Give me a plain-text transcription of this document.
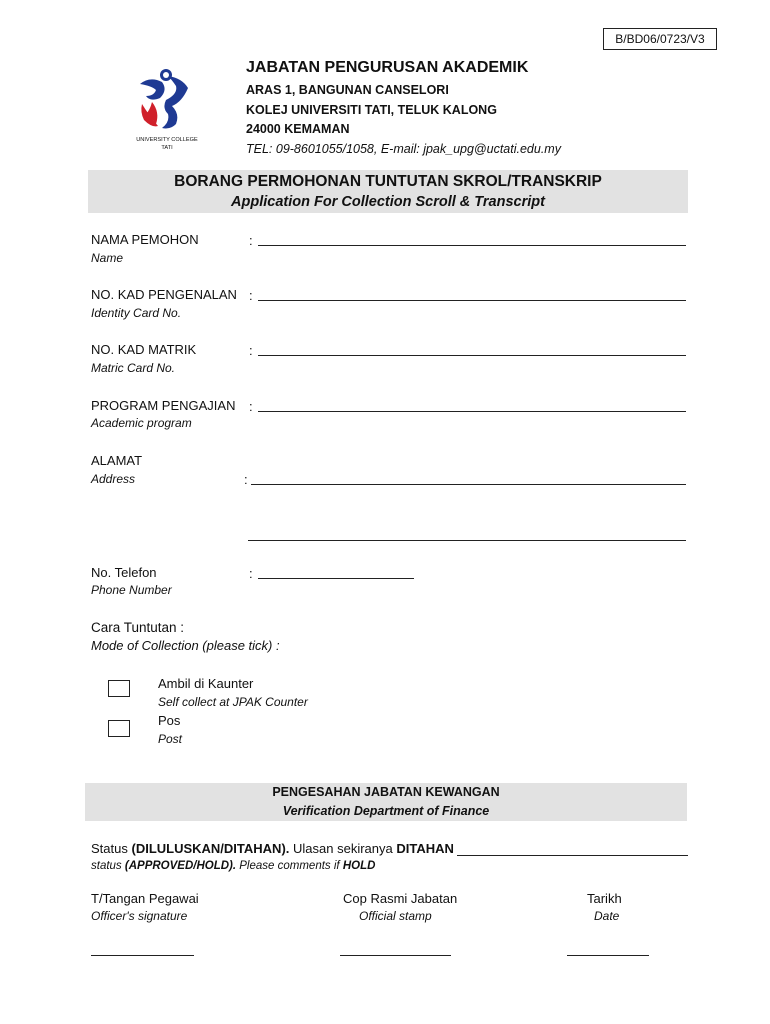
B/BD06/0723/V3
UNIVERSITY COLLEGE
TATI
JABATAN PENGURUSAN AKADEMIK
ARAS 1, BANGUNAN CANSELORI
KOLEJ UNIVERSITI TATI, TELUK KALONG
24000 KEMAMAN
TEL: 09-8601055/1058, E-mail: jpak_upg@uctati.edu.my
BORANG PERMOHONAN TUNTUTAN SKROL/TRANSKRIP
Application For Collection Scroll & Transcript
NAMA PEMOHON
Name
:
NO. KAD PENGENALAN
Identity Card No.
:
NO. KAD MATRIK
Matric Card No.
:
PROGRAM PENGAJIAN
Academic program
:
ALAMAT
Address	:
No. Telefon
Phone Number
:
Cara Tuntutan :
Mode of Collection (please tick) :
Ambil di Kaunter
Self collect at JPAK Counter
Pos
Post
PENGESAHAN JABATAN KEWANGAN
Verification Department of Finance
Status (DILULUSKAN/DITAHAN). Ulasan sekiranya DITAHAN
status (APPROVED/HOLD). Please comments if HOLD
T/Tangan Pegawai
Officer's signature
Cop Rasmi Jabatan
Official stamp
Tarikh
Date
